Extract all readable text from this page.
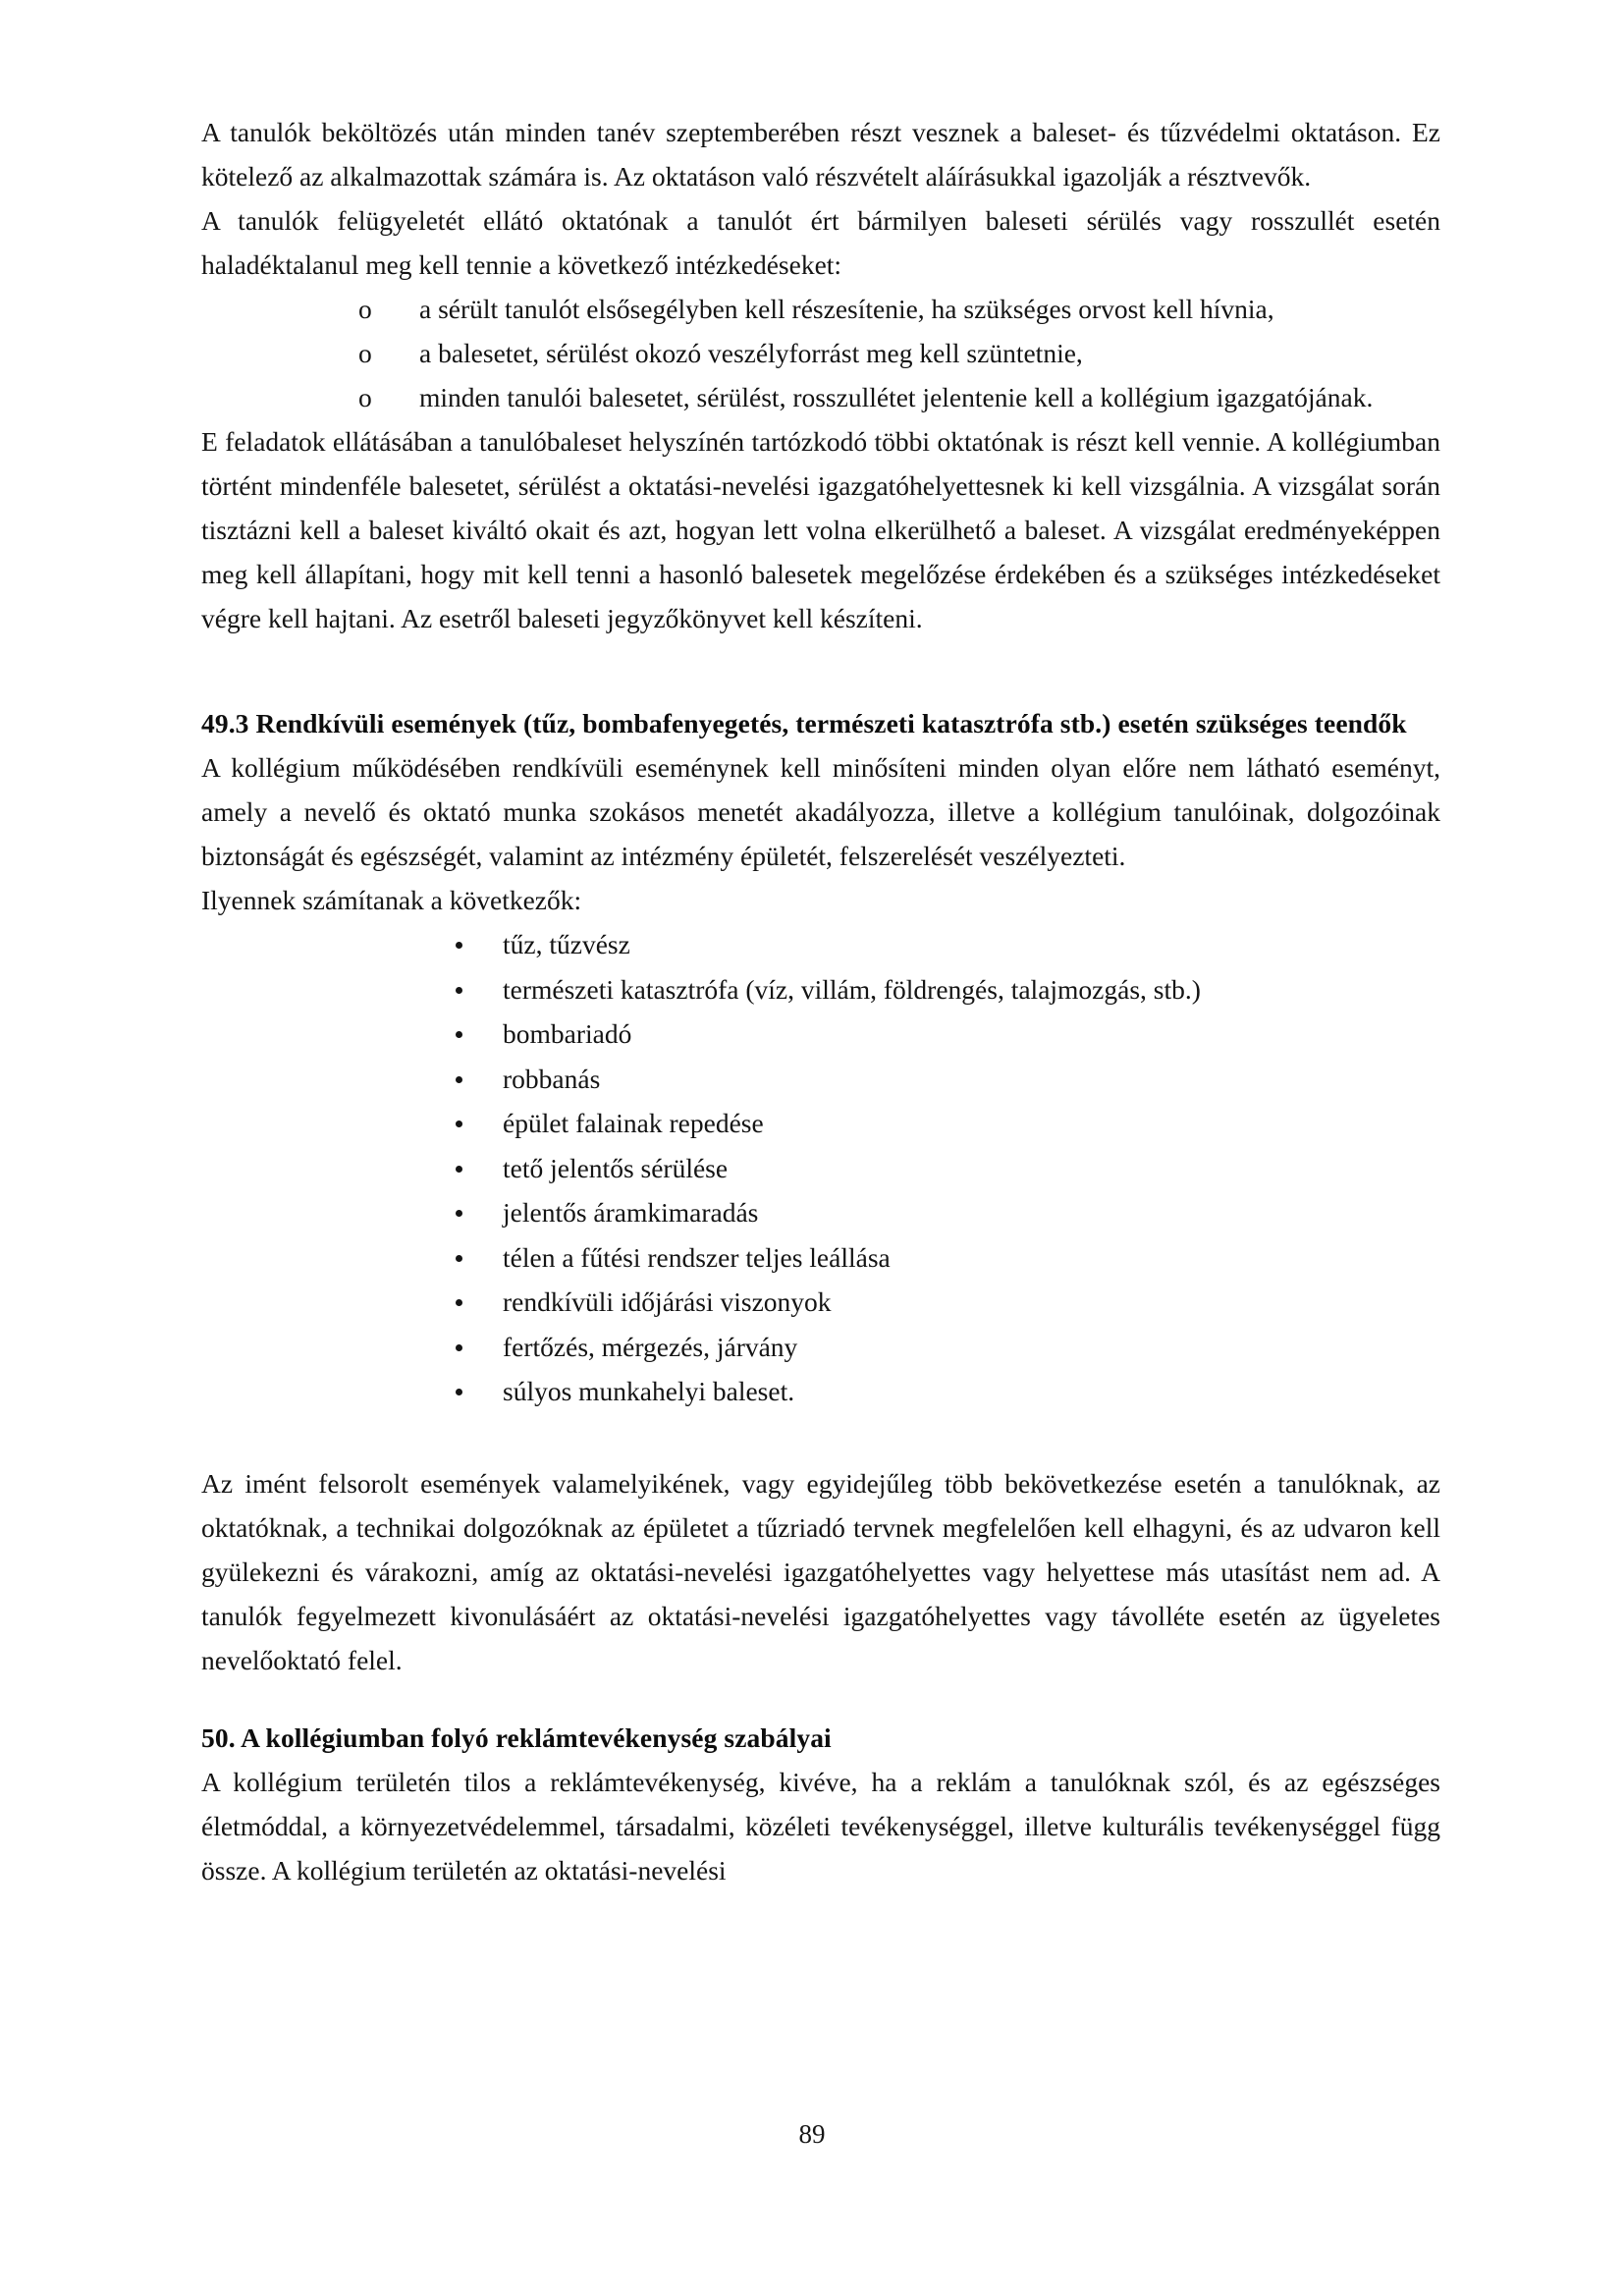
A tanulók beköltözés után minden tanév szeptemberében részt vesznek a baleset- és tűzvédelmi oktatáson. Ez kötelező az alkalmazottak számára is. Az oktatáson való részvételt aláírásukkal igazolják a résztvevők.

A tanulók felügyeletét ellátó oktatónak a tanulót ért bármilyen baleseti sérülés vagy rosszullét esetén haladéktalanul meg kell tennie a következő intézkedéseket:

o a sérült tanulót elsősegélyben kell részesítenie, ha szükséges orvost kell hívnia,
o a balesetet, sérülést okozó veszélyforrást meg kell szüntetnie,
o minden tanulói balesetet, sérülést, rosszullétet jelentenie kell a kollégium igazgatójának.

E feladatok ellátásában a tanulóbaleset helyszínén tartózkodó többi oktatónak is részt kell vennie. A kollégiumban történt mindenféle balesetet, sérülést a oktatási-nevelési igazgatóhelyettesnek ki kell vizsgálnia. A vizsgálat során tisztázni kell a baleset kiváltó okait és azt, hogyan lett volna elkerülhető a baleset. A vizsgálat eredményeképpen meg kell állapítani, hogy mit kell tenni a hasonló balesetek megelőzése érdekében és a szükséges intézkedéseket végre kell hajtani. Az esetről baleseti jegyzőkönyvet kell készíteni.

49.3 Rendkívüli események (tűz, bombafenyegetés, természeti katasztrófa stb.) esetén szükséges teendők

A kollégium működésében rendkívüli eseménynek kell minősíteni minden olyan előre nem látható eseményt, amely a nevelő és oktató munka szokásos menetét akadályozza, illetve a kollégium tanulóinak, dolgozóinak biztonságát és egészségét, valamint az intézmény épületét, felszerelését veszélyezteti.

Ilyennek számítanak a következők:

tűz, tűzvész
természeti katasztrófa (víz, villám, földrengés, talajmozgás, stb.)
bombariadó
robbanás
épület falainak repedése
tető jelentős sérülése
jelentős áramkimaradás
télen a fűtési rendszer teljes leállása
rendkívüli időjárási viszonyok
fertőzés, mérgezés, járvány
súlyos munkahelyi baleset.

Az imént felsorolt események valamelyikének, vagy egyidejűleg több bekövetkezése esetén a tanulóknak, az oktatóknak, a technikai dolgozóknak az épületet a tűzriadó tervnek megfelelően kell elhagyni, és az udvaron kell gyülekezni és várakozni, amíg az oktatási-nevelési igazgatóhelyettes vagy helyettese más utasítást nem ad. A tanulók fegyelmezett kivonulásáért az oktatási-nevelési igazgatóhelyettes vagy távolléte esetén az ügyeletes nevelőoktató felel.

50. A kollégiumban folyó reklámtevékenység szabályai

A kollégium területén tilos a reklámtevékenység, kivéve, ha a reklám a tanulóknak szól, és az egészséges életmóddal, a környezetvédelemmel, társadalmi, közéleti tevékenységgel, illetve kulturális tevékenységgel függ össze. A kollégium területén az oktatási-nevelési

89
